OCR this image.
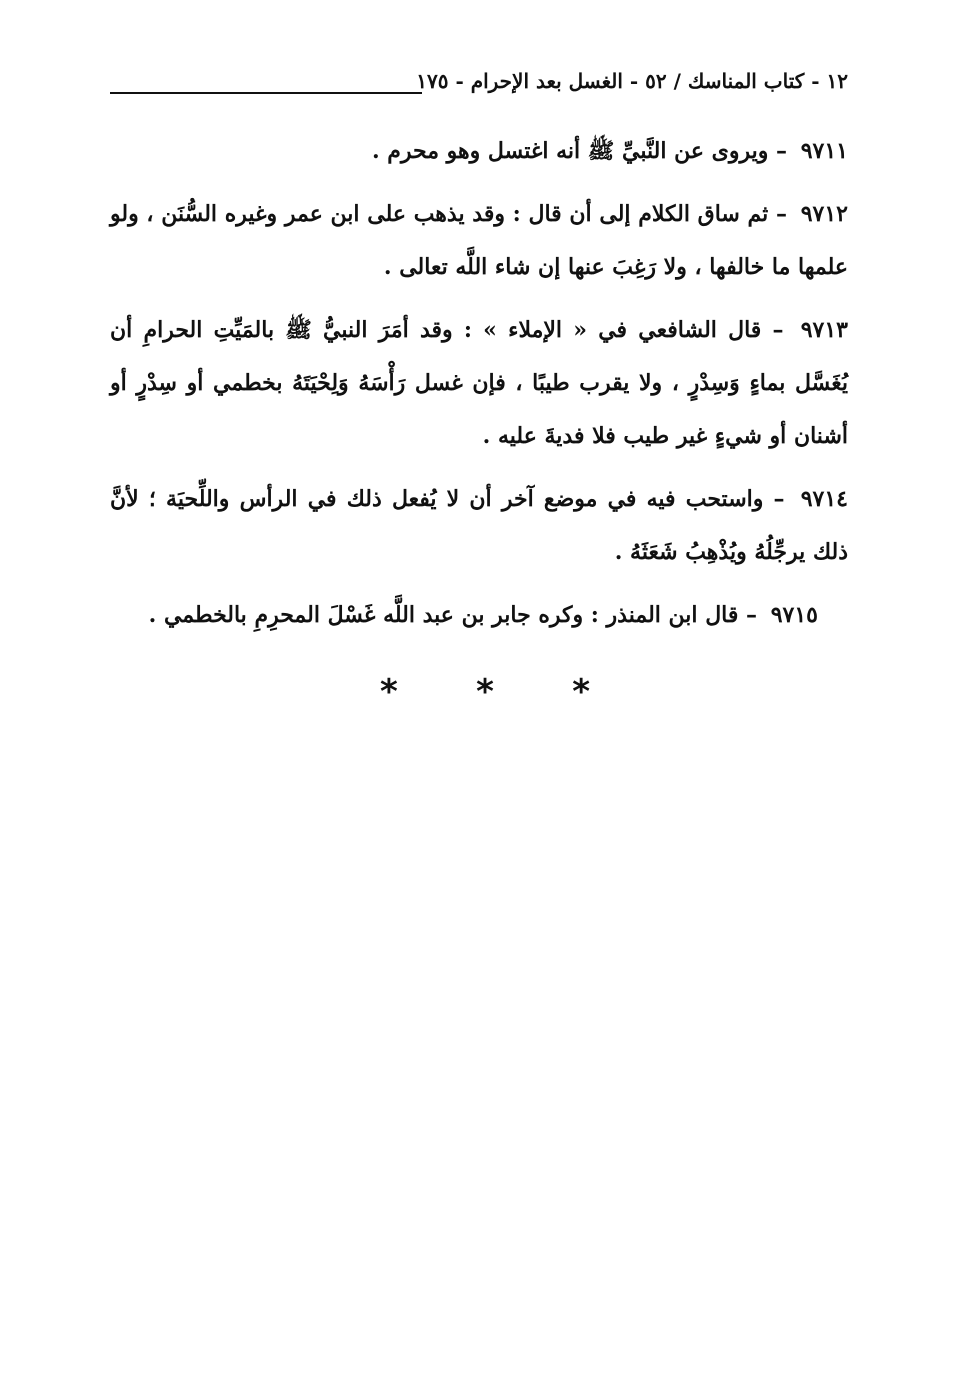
١٢ - كتاب المناسك / ٥٢ - الغسل بعد الإحرام - ١٧٥

٩٧١١ – ويروى عن النَّبيِّ ﷺ أنه اغتسل وهو محرم .

٩٧١٢ – ثم ساق الكلام إلى أن قال : وقد يذهب على ابن عمر وغيره السُّنَن ، ولو علمها ما خالفها ، ولا رَغِبَ عنها إن شاء اللَّه تعالى .

٩٧١٣ – قال الشافعي في « الإملاء » : وقد أمَرَ النبيُّ ﷺ بالمَيِّتِ الحرامِ أن يُغَسَّل بماءٍ وَسِدْرٍ ، ولا يقرب طيبًا ، فإن غسل رَأْسَهُ وَلِحْيَتَهُ بخطمي أو سِدْرٍ أو أشنان أو شيءٍ غير طيب فلا فديةَ عليه .

٩٧١٤ – واستحب فيه في موضع آخر أن لا يُفعل ذلك في الرأس واللِّحيَة ؛ لأنَّ ذلك يرجِّلُهُ ويُذْهِبُ شَعَثَهُ .

٩٧١٥ – قال ابن المنذر : وكره جابر بن عبد اللَّه غَسْلَ المحرِمِ بالخطمي .

* * *
